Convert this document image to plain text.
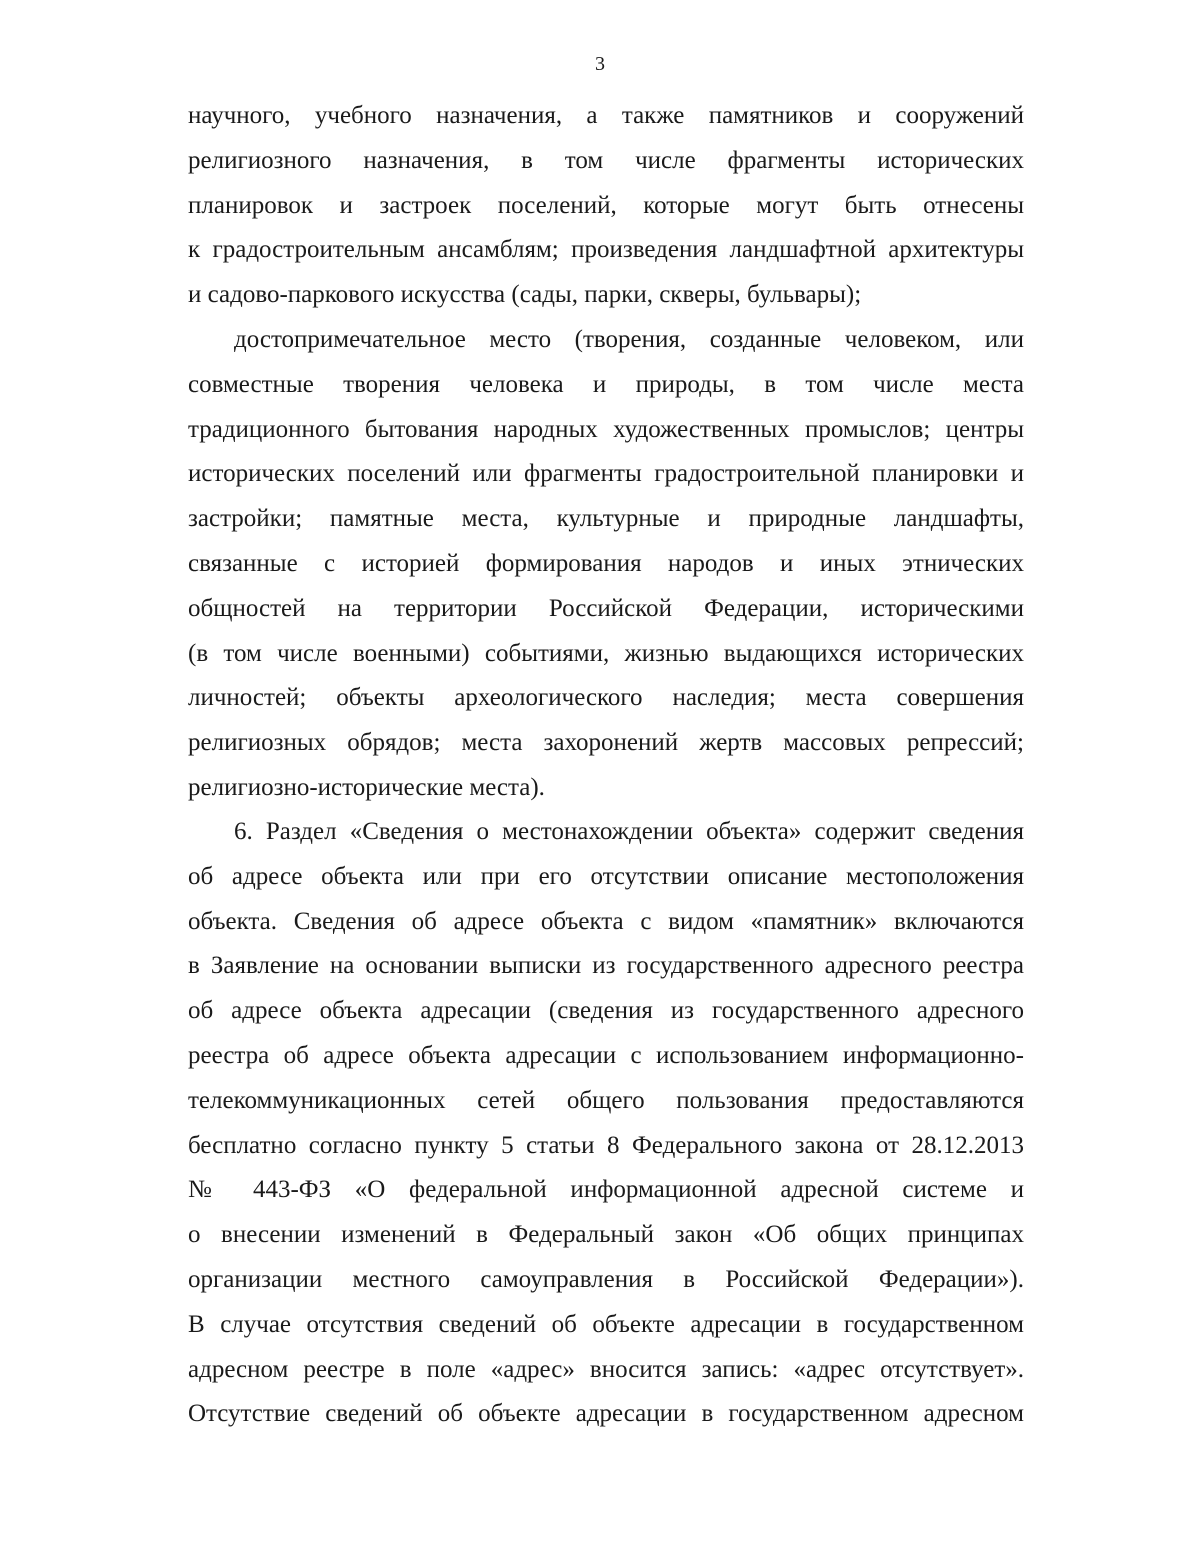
3
научного, учебного назначения, а также памятников и сооружений
религиозного назначения, в том числе фрагменты исторических
планировок и застроек поселений, которые могут быть отнесены
к градостроительным ансамблям; произведения ландшафтной архитектуры
и садово-паркового искусства (сады, парки, скверы, бульвары);
достопримечательное место (творения, созданные человеком, или
совместные творения человека и природы, в том числе места
традиционного бытования народных художественных промыслов; центры
исторических поселений или фрагменты градостроительной планировки и
застройки; памятные места, культурные и природные ландшафты,
связанные с историей формирования народов и иных этнических
общностей на территории Российской Федерации, историческими
(в том числе военными) событиями, жизнью выдающихся исторических
личностей; объекты археологического наследия; места совершения
религиозных обрядов; места захоронений жертв массовых репрессий;
религиозно-исторические места).
6. Раздел «Сведения о местонахождении объекта» содержит сведения
об адресе объекта или при его отсутствии описание местоположения
объекта. Сведения об адресе объекта с видом «памятник» включаются
в Заявление на основании выписки из государственного адресного реестра
об адресе объекта адресации (сведения из государственного адресного
реестра об адресе объекта адресации с использованием информационно-
телекоммуникационных сетей общего пользования предоставляются
бесплатно согласно пункту 5 статьи 8 Федерального закона от 28.12.2013
№ 443-ФЗ «О федеральной информационной адресной системе и
о внесении изменений в Федеральный закон «Об общих принципах
организации местного самоуправления в Российской Федерации»).
В случае отсутствия сведений об объекте адресации в государственном
адресном реестре в поле «адрес» вносится запись: «адрес отсутствует».
Отсутствие сведений об объекте адресации в государственном адресном
